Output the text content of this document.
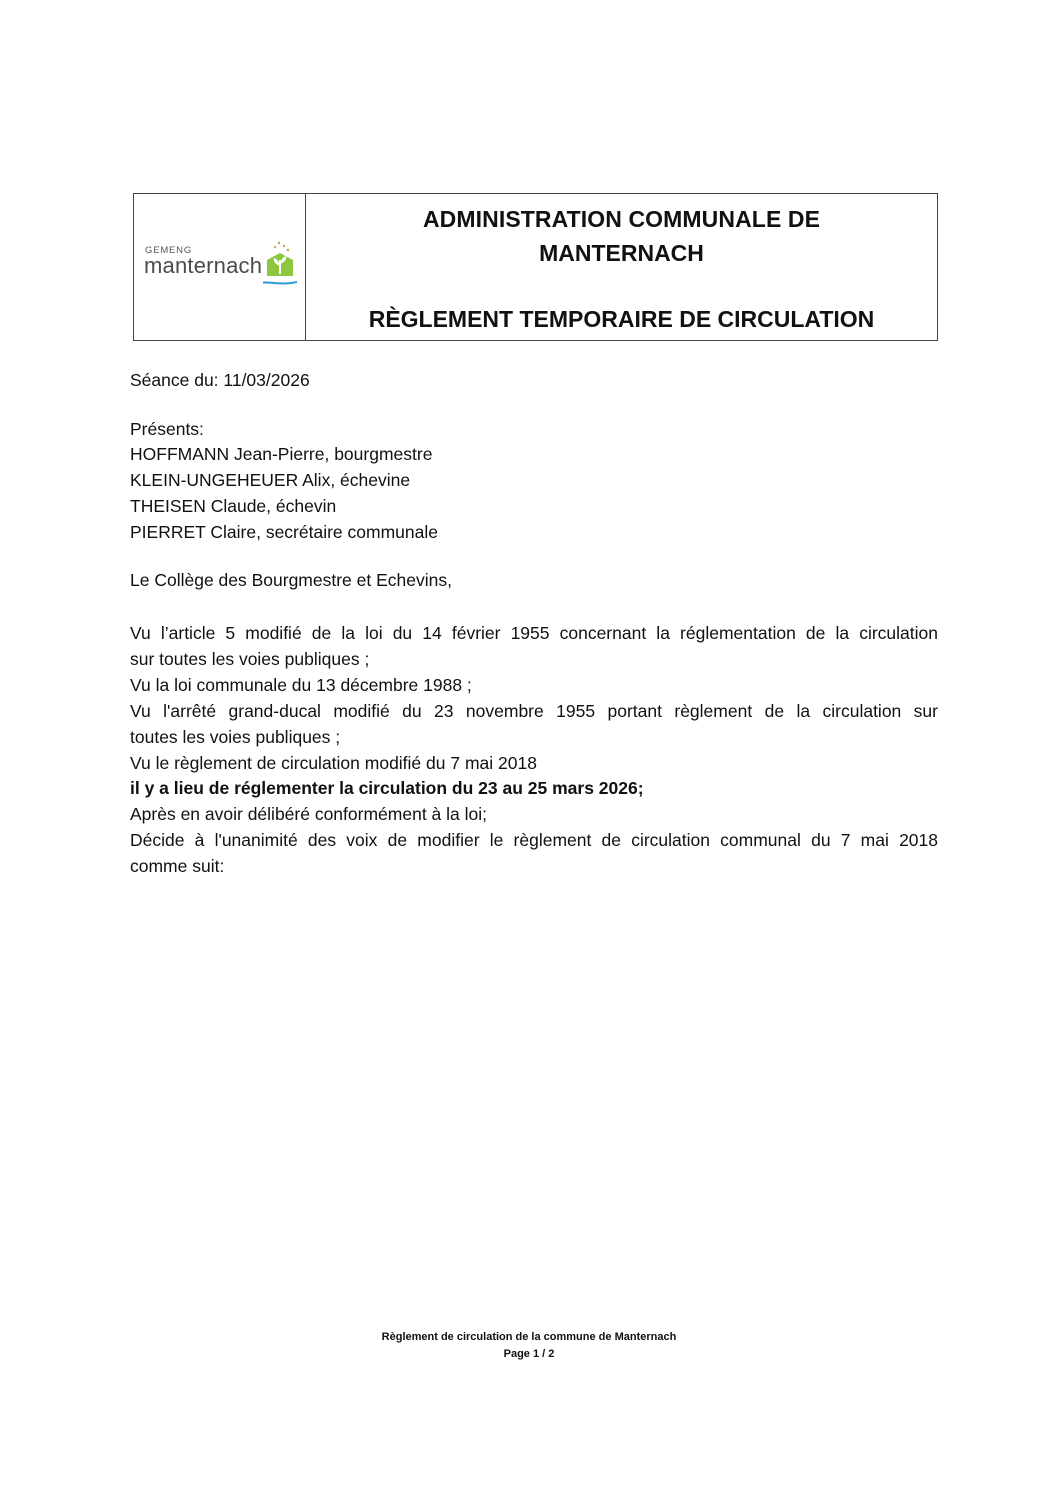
GEMENG
manternach
ADMINISTRATION COMMUNALE DE
MANTERNACH
RÈGLEMENT TEMPORAIRE DE CIRCULATION
Séance du: 11/03/2026
Présents:
HOFFMANN Jean-Pierre, bourgmestre
KLEIN-UNGEHEUER Alix, échevine
THEISEN Claude, échevin
PIERRET Claire, secrétaire communale
Le Collège des Bourgmestre et Echevins,
Vu l’article 5 modifié de la loi du 14 février 1955 concernant la réglementation de la circulation
sur toutes les voies publiques ;
Vu la loi communale du 13 décembre 1988 ;
Vu l'arrêté grand-ducal modifié du 23 novembre 1955 portant règlement de la circulation sur
toutes les voies publiques ;
Vu le règlement de circulation modifié du 7 mai 2018
il y a lieu de réglementer la circulation du 23 au 25 mars 2026;
Après en avoir délibéré conformément à la loi;
Décide à l'unanimité des voix de modifier le règlement de circulation communal du 7 mai 2018
comme suit:
Règlement de circulation de la commune de Manternach
Page 1 / 2
